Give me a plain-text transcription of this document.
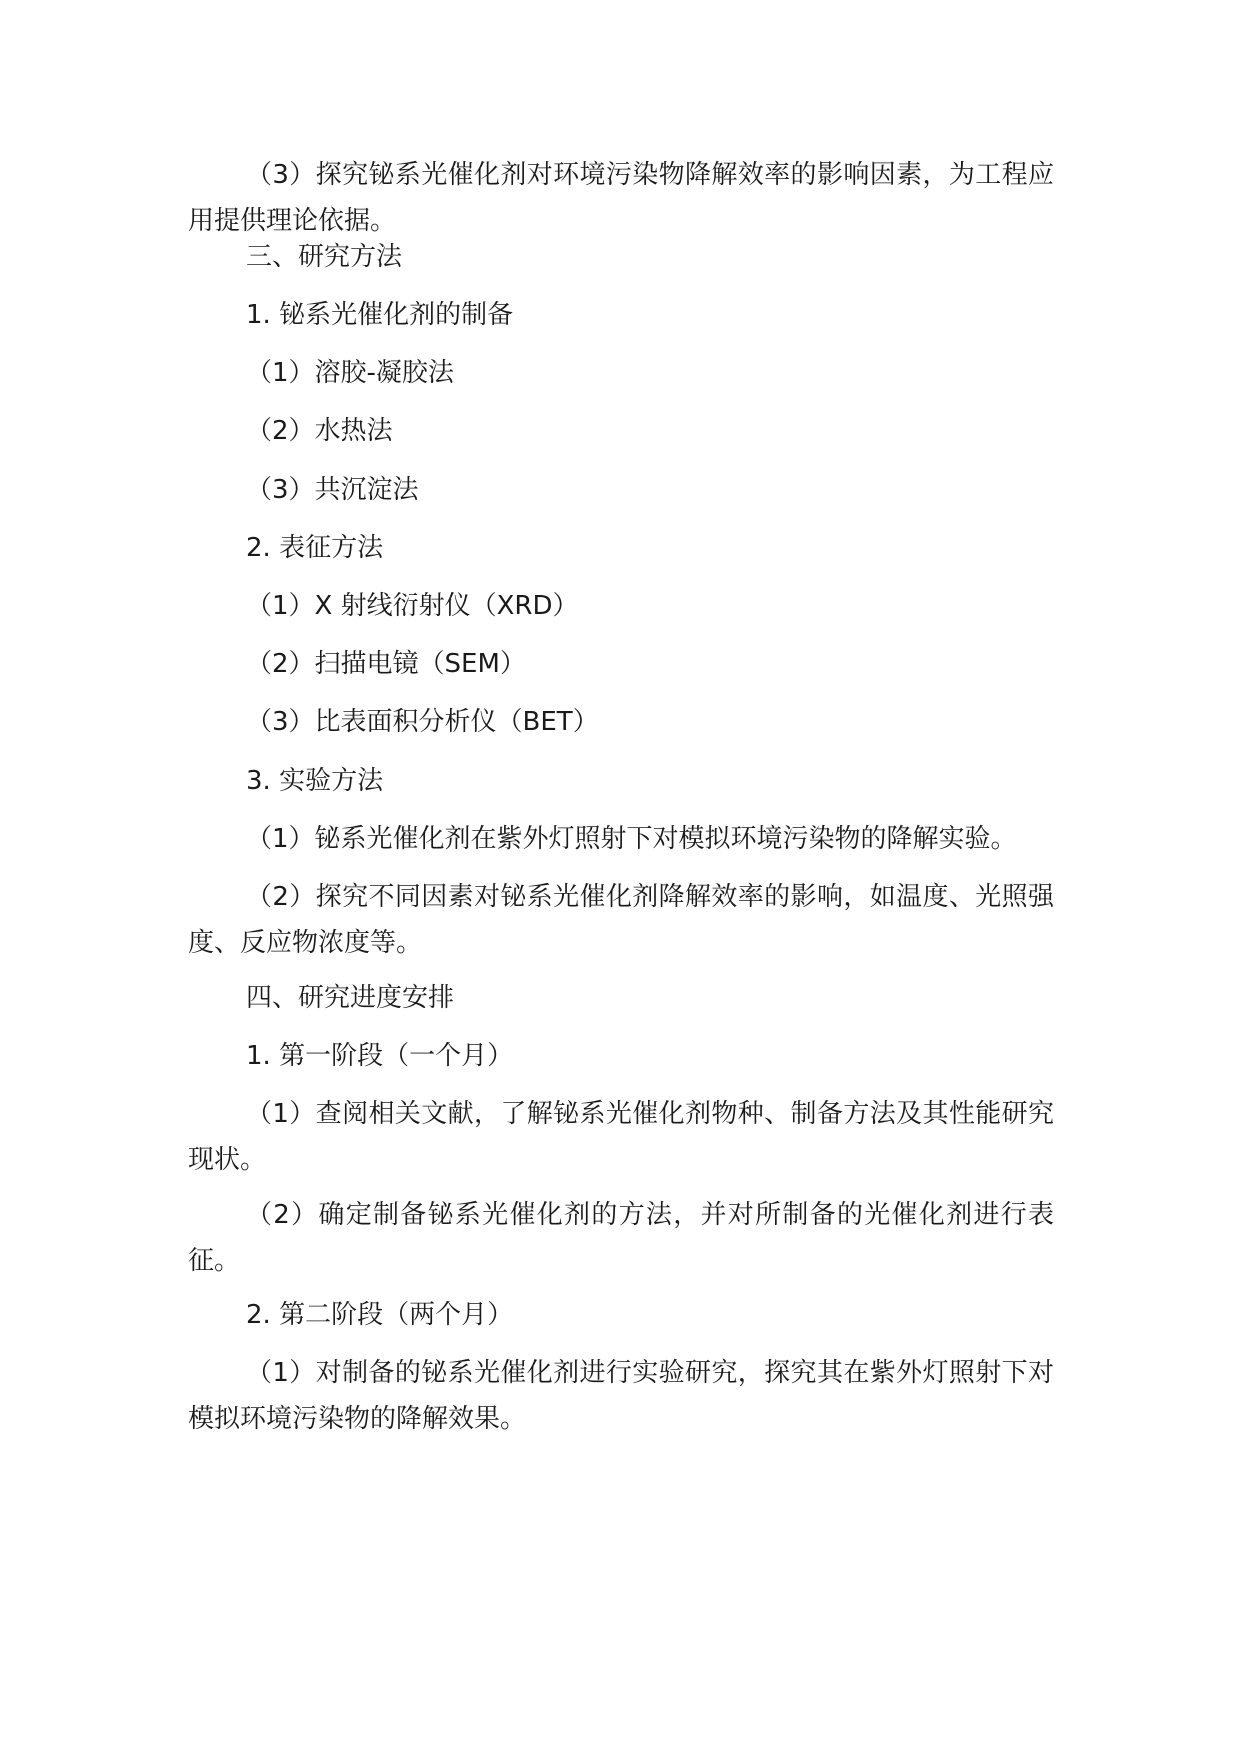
（3）探究铋系光催化剂对环境污染物降解效率的影响因素，为工程应用提供理论依据。

三、研究方法

1. 铋系光催化剂的制备

（1）溶胶-凝胶法

（2）水热法

（3）共沉淀法

2. 表征方法

（1）X 射线衍射仪（XRD）

（2）扫描电镜（SEM）

（3）比表面积分析仪（BET）

3. 实验方法

（1）铋系光催化剂在紫外灯照射下对模拟环境污染物的降解实验。

（2）探究不同因素对铋系光催化剂降解效率的影响，如温度、光照强度、反应物浓度等。

四、研究进度安排

1. 第一阶段（一个月）

（1）查阅相关文献，了解铋系光催化剂物种、制备方法及其性能研究现状。

（2）确定制备铋系光催化剂的方法，并对所制备的光催化剂进行表征。

2. 第二阶段（两个月）

（1）对制备的铋系光催化剂进行实验研究，探究其在紫外灯照射下对模拟环境污染物的降解效果。
